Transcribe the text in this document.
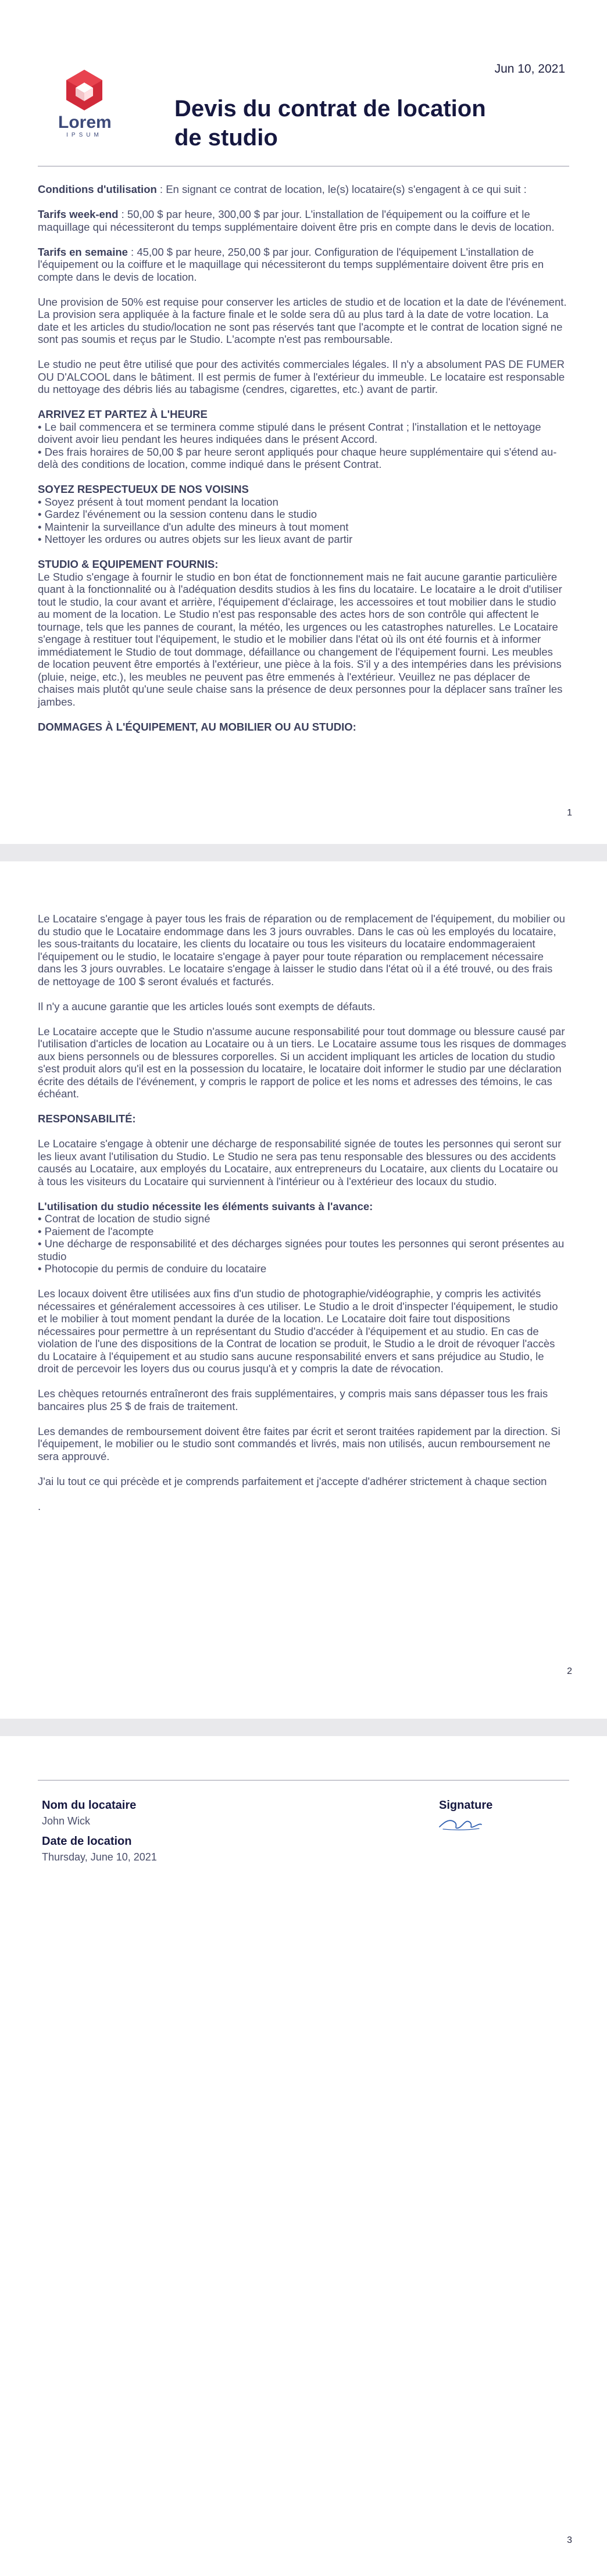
Jun 10, 2021
Lorem
IPSUM
Devis du contrat de location de studio

Conditions d'utilisation : En signant ce contrat de location, le(s) locataire(s) s'engagent à ce qui suit :

Tarifs week-end : 50,00 $ par heure, 300,00 $ par jour. L'installation de l'équipement ou la coiffure et le maquillage qui nécessiteront du temps supplémentaire doivent être pris en compte dans le devis de location.

Tarifs en semaine : 45,00 $ par heure, 250,00 $ par jour. Configuration de l'équipement L'installation de l'équipement ou la coiffure et le maquillage qui nécessiteront du temps supplémentaire doivent être pris en compte dans le devis de location.

Une provision de 50% est requise pour conserver les articles de studio et de location et la date de l'événement. La provision sera appliquée à la facture finale et le solde sera dû au plus tard à la date de votre location. La date et les articles du studio/location ne sont pas réservés tant que l'acompte et le contrat de location signé ne sont pas soumis et reçus par le Studio. L'acompte n'est pas remboursable.

Le studio ne peut être utilisé que pour des activités commerciales légales. Il n'y a absolument PAS DE FUMER OU D'ALCOOL dans le bâtiment. Il est permis de fumer à l'extérieur du immeuble. Le locataire est responsable du nettoyage des débris liés au tabagisme (cendres, cigarettes, etc.) avant de partir.

ARRIVEZ ET PARTEZ À L'HEURE
• Le bail commencera et se terminera comme stipulé dans le présent Contrat ; l'installation et le nettoyage doivent avoir lieu pendant les heures indiquées dans le présent Accord.
• Des frais horaires de 50,00 $ par heure seront appliqués pour chaque heure supplémentaire qui s'étend au-delà des conditions de location, comme indiqué dans le présent Contrat.

SOYEZ RESPECTUEUX DE NOS VOISINS
• Soyez présent à tout moment pendant la location
• Gardez l'événement ou la session contenu dans le studio
• Maintenir la surveillance d'un adulte des mineurs à tout moment
• Nettoyer les ordures ou autres objets sur les lieux avant de partir

STUDIO & EQUIPEMENT FOURNIS:
Le Studio s'engage à fournir le studio en bon état de fonctionnement mais ne fait aucune garantie particulière quant à la fonctionnalité ou à l'adéquation desdits studios à les fins du locataire. Le locataire a le droit d'utiliser tout le studio, la cour avant et arrière, l'équipement d'éclairage, les accessoires et tout mobilier dans le studio au moment de la location. Le Studio n'est pas responsable des actes hors de son contrôle qui affectent le tournage, tels que les pannes de courant, la météo, les urgences ou les catastrophes naturelles. Le Locataire s'engage à restituer tout l'équipement, le studio et le mobilier dans l'état où ils ont été fournis et à informer immédiatement le Studio de tout dommage, défaillance ou changement de l'équipement fourni. Les meubles de location peuvent être emportés à l'extérieur, une pièce à la fois. S'il y a des intempéries dans les prévisions (pluie, neige, etc.), les meubles ne peuvent pas être emmenés à l'extérieur. Veuillez ne pas déplacer de chaises mais plutôt qu'une seule chaise sans la présence de deux personnes pour la déplacer sans traîner les jambes.

DOMMAGES À L'ÉQUIPEMENT, AU MOBILIER OU AU STUDIO:

1

Le Locataire s'engage à payer tous les frais de réparation ou de remplacement de l'équipement, du mobilier ou du studio que le Locataire endommage dans les 3 jours ouvrables. Dans le cas où les employés du locataire, les sous-traitants du locataire, les clients du locataire ou tous les visiteurs du locataire endommageraient l'équipement ou le studio, le locataire s'engage à payer pour toute réparation ou remplacement nécessaire dans les 3 jours ouvrables. Le locataire s'engage à laisser le studio dans l'état où il a été trouvé, ou des frais de nettoyage de 100 $ seront évalués et facturés.

Il n'y a aucune garantie que les articles loués sont exempts de défauts.

Le Locataire accepte que le Studio n'assume aucune responsabilité pour tout dommage ou blessure causé par l'utilisation d'articles de location au Locataire ou à un tiers. Le Locataire assume tous les risques de dommages aux biens personnels ou de blessures corporelles. Si un accident impliquant les articles de location du studio s'est produit alors qu'il est en la possession du locataire, le locataire doit informer le studio par une déclaration écrite des détails de l'événement, y compris le rapport de police et les noms et adresses des témoins, le cas échéant.

RESPONSABILITÉ:

Le Locataire s'engage à obtenir une décharge de responsabilité signée de toutes les personnes qui seront sur les lieux avant l'utilisation du Studio. Le Studio ne sera pas tenu responsable des blessures ou des accidents causés au Locataire, aux employés du Locataire, aux entrepreneurs du Locataire, aux clients du Locataire ou à tous les visiteurs du Locataire qui surviennent à l'intérieur ou à l'extérieur des locaux du studio.

L'utilisation du studio nécessite les éléments suivants à l'avance:
• Contrat de location de studio signé
• Paiement de l'acompte
• Une décharge de responsabilité et des décharges signées pour toutes les personnes qui seront présentes au studio
• Photocopie du permis de conduire du locataire

Les locaux doivent être utilisées aux fins d'un studio de photographie/vidéographie, y compris les activités nécessaires et généralement accessoires à ces utiliser. Le Studio a le droit d'inspecter l'équipement, le studio et le mobilier à tout moment pendant la durée de la location. Le Locataire doit faire tout dispositions nécessaires pour permettre à un représentant du Studio d'accéder à l'équipement et au studio. En cas de violation de l'une des dispositions de la Contrat de location se produit, le Studio a le droit de révoquer l'accès du Locataire à l'équipement et au studio sans aucune responsabilité envers et sans préjudice au Studio, le droit de percevoir les loyers dus ou courus jusqu'à et y compris la date de révocation.

Les chèques retournés entraîneront des frais supplémentaires, y compris mais sans dépasser tous les frais bancaires plus 25 $ de frais de traitement.

Les demandes de remboursement doivent être faites par écrit et seront traitées rapidement par la direction. Si l'équipement, le mobilier ou le studio sont commandés et livrés, mais non utilisés, aucun remboursement ne sera approuvé.

J'ai lu tout ce qui précède et je comprends parfaitement et j'accepte d'adhérer strictement à chaque section

.

2
Nom du locataire
John Wick
Date de location
Thursday, June 10, 2021
Signature
3
